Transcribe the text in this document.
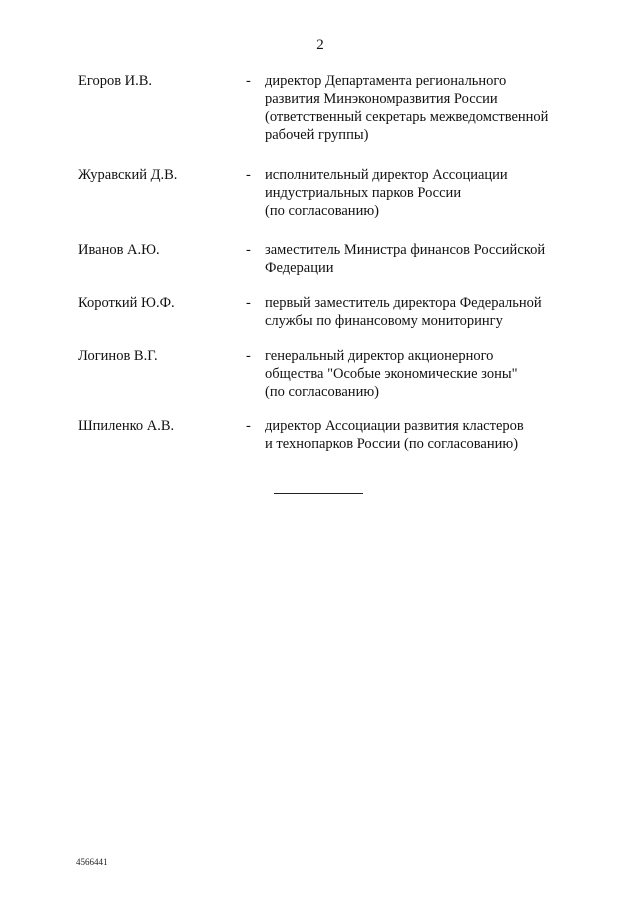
2
Егоров И.В.	- директор Департамента регионального
развития Минэкономразвития России
(ответственный секретарь межведомственной
рабочей группы)
Журавский Д.В.	- исполнительный директор Ассоциации
индустриальных парков России
(по согласованию)
Иванов А.Ю.	- заместитель Министра финансов Российской
Федерации
Короткий Ю.Ф.	- первый заместитель директора Федеральной
службы по финансовому мониторингу
Логинов В.Г.	- генеральный директор акционерного
общества "Особые экономические зоны"
(по согласованию)
Шпиленко А.В.	- директор Ассоциации развития кластеров
и технопарков России (по согласованию)
4566441
